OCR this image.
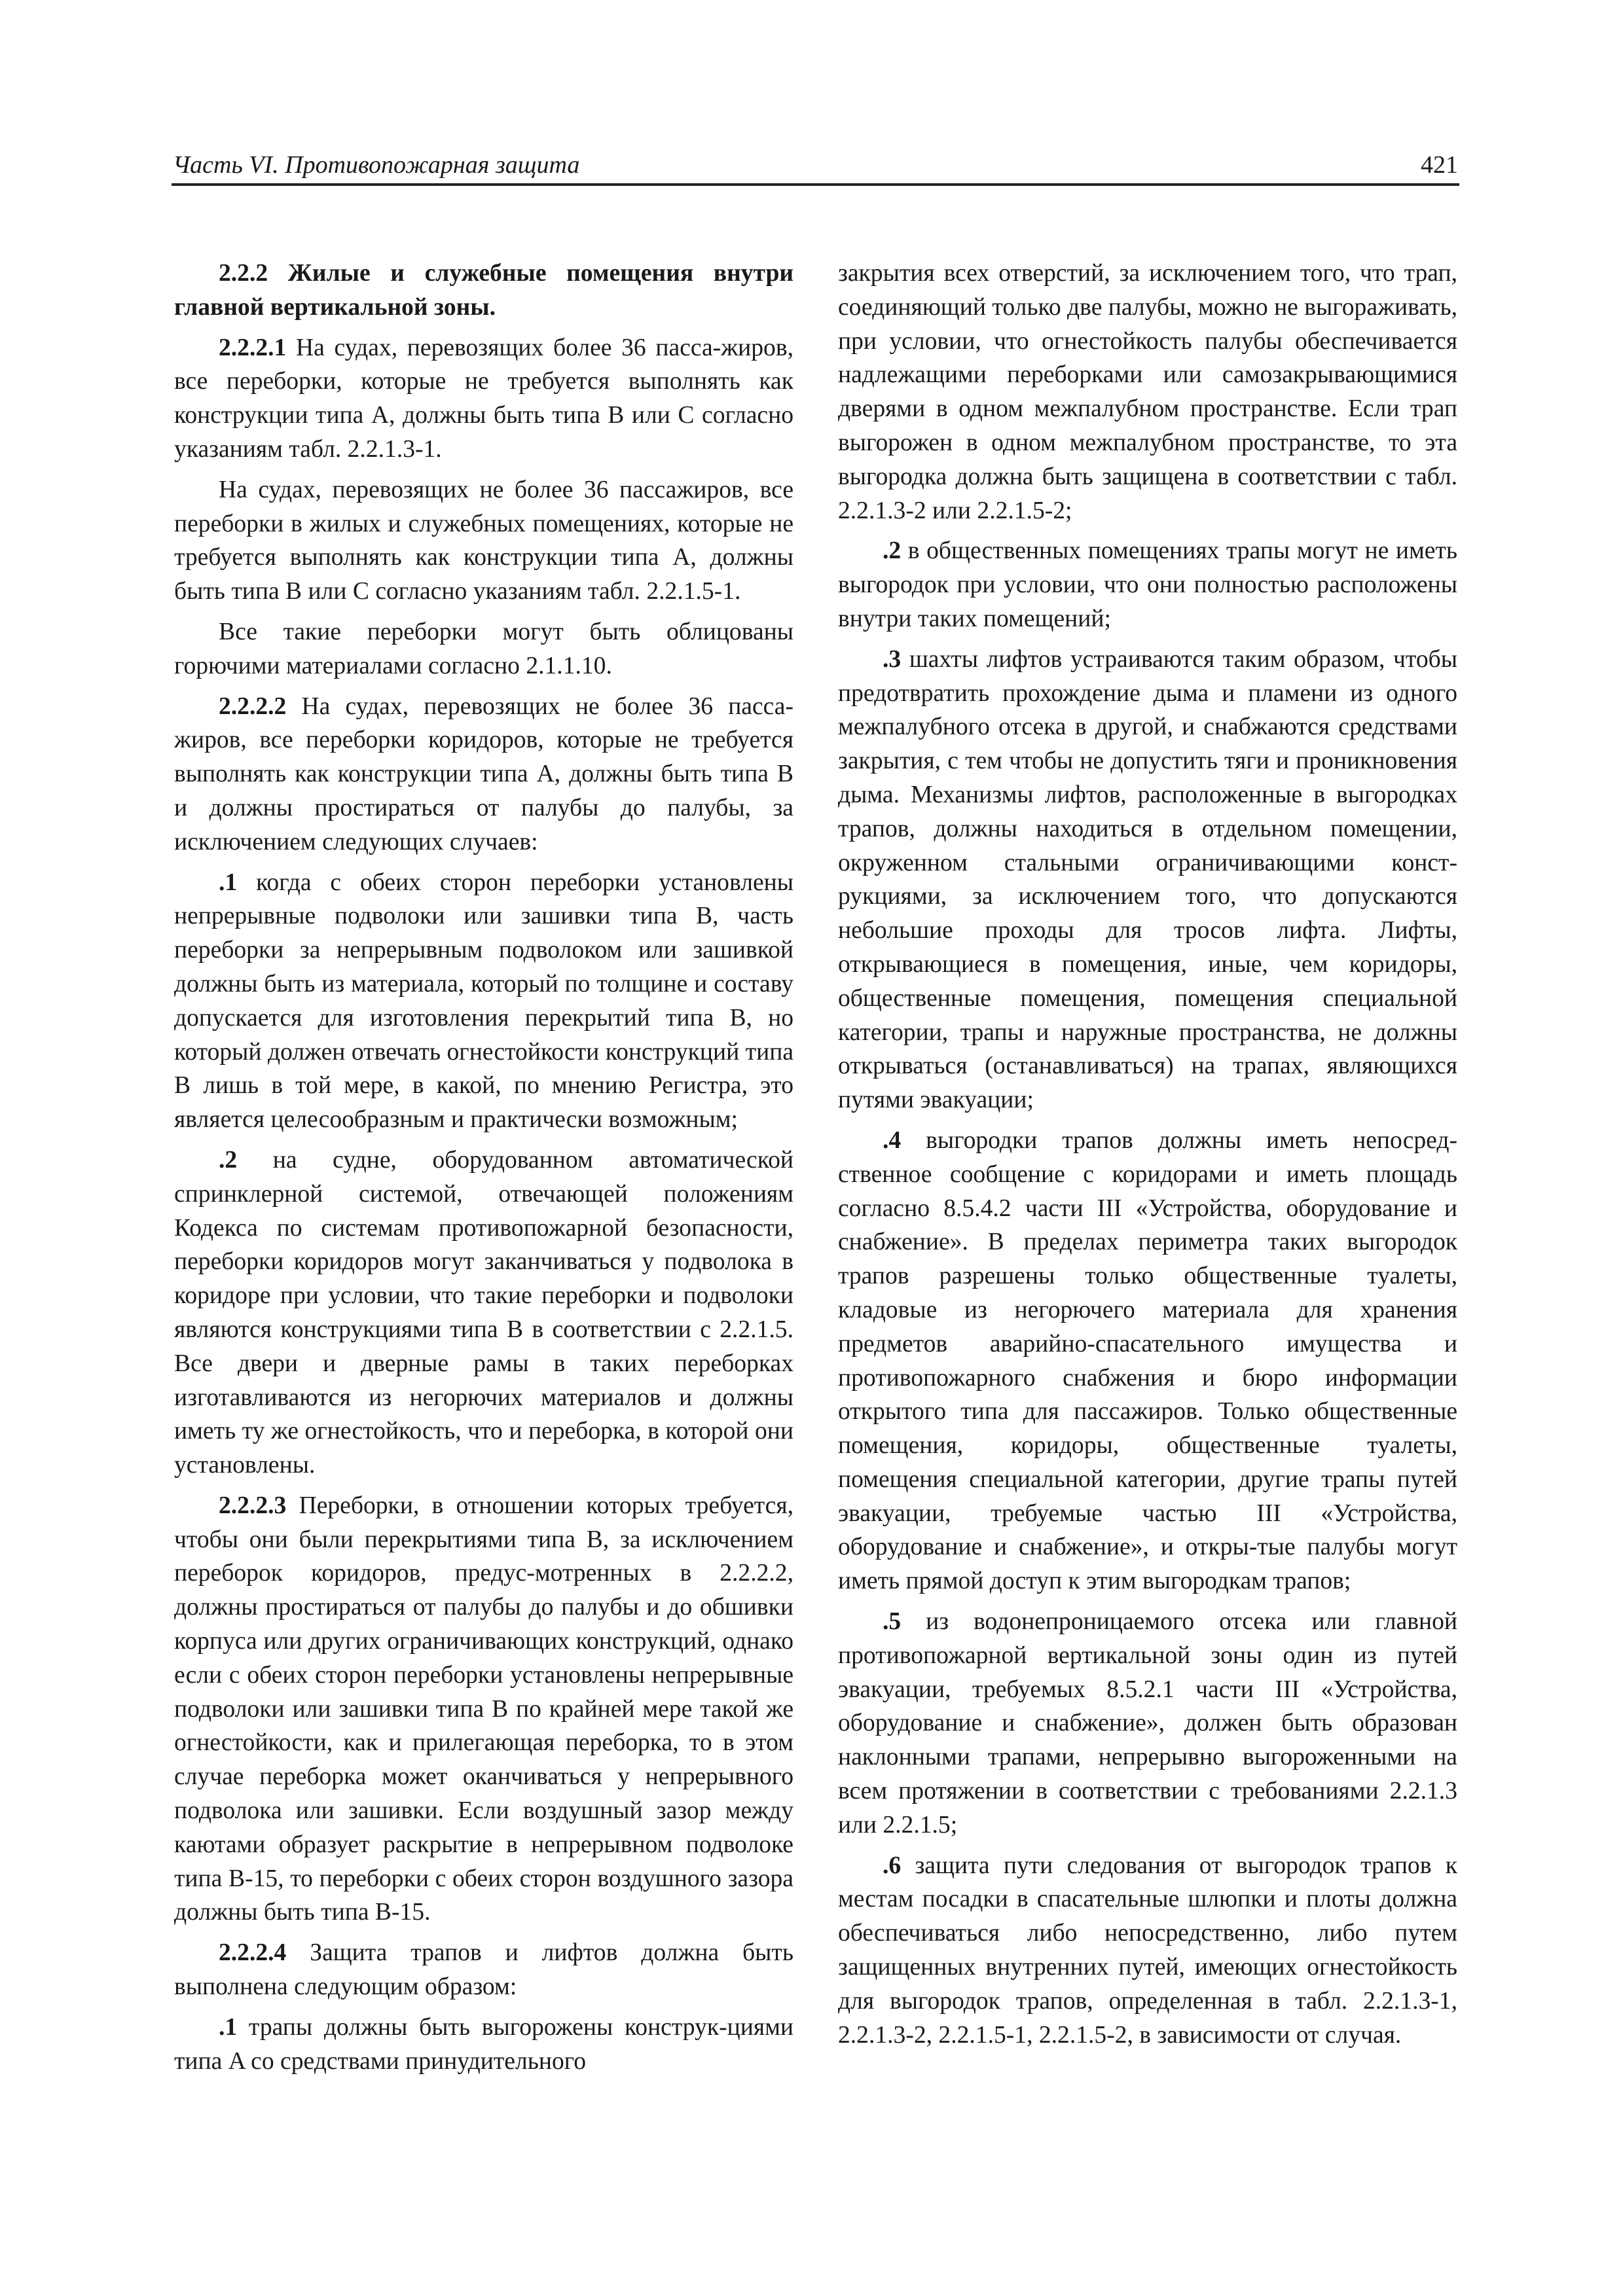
Часть VI. Противопожарная защита	421

2.2.2 Жилые и служебные помещения внутри главной вертикальной зоны.

2.2.2.1 На судах, перевозящих более 36 пасса-жиров, все переборки, которые не требуется выполнять как конструкции типа A, должны быть типа B или C согласно указаниям табл. 2.2.1.3-1.

На судах, перевозящих не более 36 пассажиров, все переборки в жилых и служебных помещениях, которые не требуется выполнять как конструкции типа A, должны быть типа B или C согласно указаниям табл. 2.2.1.5-1.

Все такие переборки могут быть облицованы горючими материалами согласно 2.1.1.10.

2.2.2.2 На судах, перевозящих не более 36 пасса-жиров, все переборки коридоров, которые не требуется выполнять как конструкции типа A, должны быть типа B и должны простираться от палубы до палубы, за исключением следующих случаев:

.1 когда с обеих сторон переборки установлены непрерывные подволоки или зашивки типа B, часть переборки за непрерывным подволоком или зашивкой должны быть из материала, который по толщине и составу допускается для изготовления перекрытий типа B, но который должен отвечать огнестойкости конструкций типа B лишь в той мере, в какой, по мнению Регистра, это является целесообразным и практически возможным;

.2 на судне, оборудованном автоматической спринклерной системой, отвечающей положениям Кодекса по системам противопожарной безопасности, переборки коридоров могут заканчиваться у подволока в коридоре при условии, что такие переборки и подволоки являются конструкциями типа B в соответствии с 2.2.1.5. Все двери и дверные рамы в таких переборках изготавливаются из негорючих материалов и должны иметь ту же огнестойкость, что и переборка, в которой они установлены.

2.2.2.3 Переборки, в отношении которых требуется, чтобы они были перекрытиями типа B, за исключением переборок коридоров, предус-мотренных в 2.2.2.2, должны простираться от палубы до палубы и до обшивки корпуса или других ограничивающих конструкций, однако если с обеих сторон переборки установлены непрерывные подволоки или зашивки типа B по крайней мере такой же огнестойкости, как и прилегающая переборка, то в этом случае переборка может оканчиваться у непрерывного подволока или зашивки. Если воздушный зазор между каютами образует раскрытие в непрерывном подволоке типа B-15, то переборки с обеих сторон воздушного зазора должны быть типа B-15.

2.2.2.4 Защита трапов и лифтов должна быть выполнена следующим образом:

.1 трапы должны быть выгорожены конструк-циями типа A со средствами принудительного

закрытия всех отверстий, за исключением того, что трап, соединяющий только две палубы, можно не выгораживать, при условии, что огнестойкость палубы обеспечивается надлежащими переборками или самозакрывающимися дверями в одном межпалубном пространстве. Если трап выгорожен в одном межпалубном пространстве, то эта выгородка должна быть защищена в соответствии с табл. 2.2.1.3-2 или 2.2.1.5-2;

.2 в общественных помещениях трапы могут не иметь выгородок при условии, что они полностью расположены внутри таких помещений;

.3 шахты лифтов устраиваются таким образом, чтобы предотвратить прохождение дыма и пламени из одного межпалубного отсека в другой, и снабжаются средствами закрытия, с тем чтобы не допустить тяги и проникновения дыма. Механизмы лифтов, расположенные в выгородках трапов, должны находиться в отдельном помещении, окруженном стальными ограничивающими конст-рукциями, за исключением того, что допускаются небольшие проходы для тросов лифта. Лифты, открывающиеся в помещения, иные, чем коридоры, общественные помещения, помещения специальной категории, трапы и наружные пространства, не должны открываться (останавливаться) на трапах, являющихся путями эвакуации;

.4 выгородки трапов должны иметь непосред-ственное сообщение с коридорами и иметь площадь согласно 8.5.4.2 части III «Устройства, оборудование и снабжение». В пределах периметра таких выгородок трапов разрешены только общественные туалеты, кладовые из негорючего материала для хранения предметов аварийно-спасательного имущества и противопожарного снабжения и бюро информации открытого типа для пассажиров. Только общественные помещения, коридоры, общественные туалеты, помещения специальной категории, другие трапы путей эвакуации, требуемые частью III «Устройства, оборудование и снабжение», и откры-тые палубы могут иметь прямой доступ к этим выгородкам трапов;

.5 из водонепроницаемого отсека или главной противопожарной вертикальной зоны один из путей эвакуации, требуемых 8.5.2.1 части III «Устройства, оборудование и снабжение», должен быть образован наклонными трапами, непрерывно выгороженными на всем протяжении в соответствии с требованиями 2.2.1.3 или 2.2.1.5;

.6 защита пути следования от выгородок трапов к местам посадки в спасательные шлюпки и плоты должна обеспечиваться либо непосредственно, либо путем защищенных внутренних путей, имеющих огнестойкость для выгородок трапов, определенная в табл. 2.2.1.3-1, 2.2.1.3-2, 2.2.1.5-1, 2.2.1.5-2, в зависимости от случая.
